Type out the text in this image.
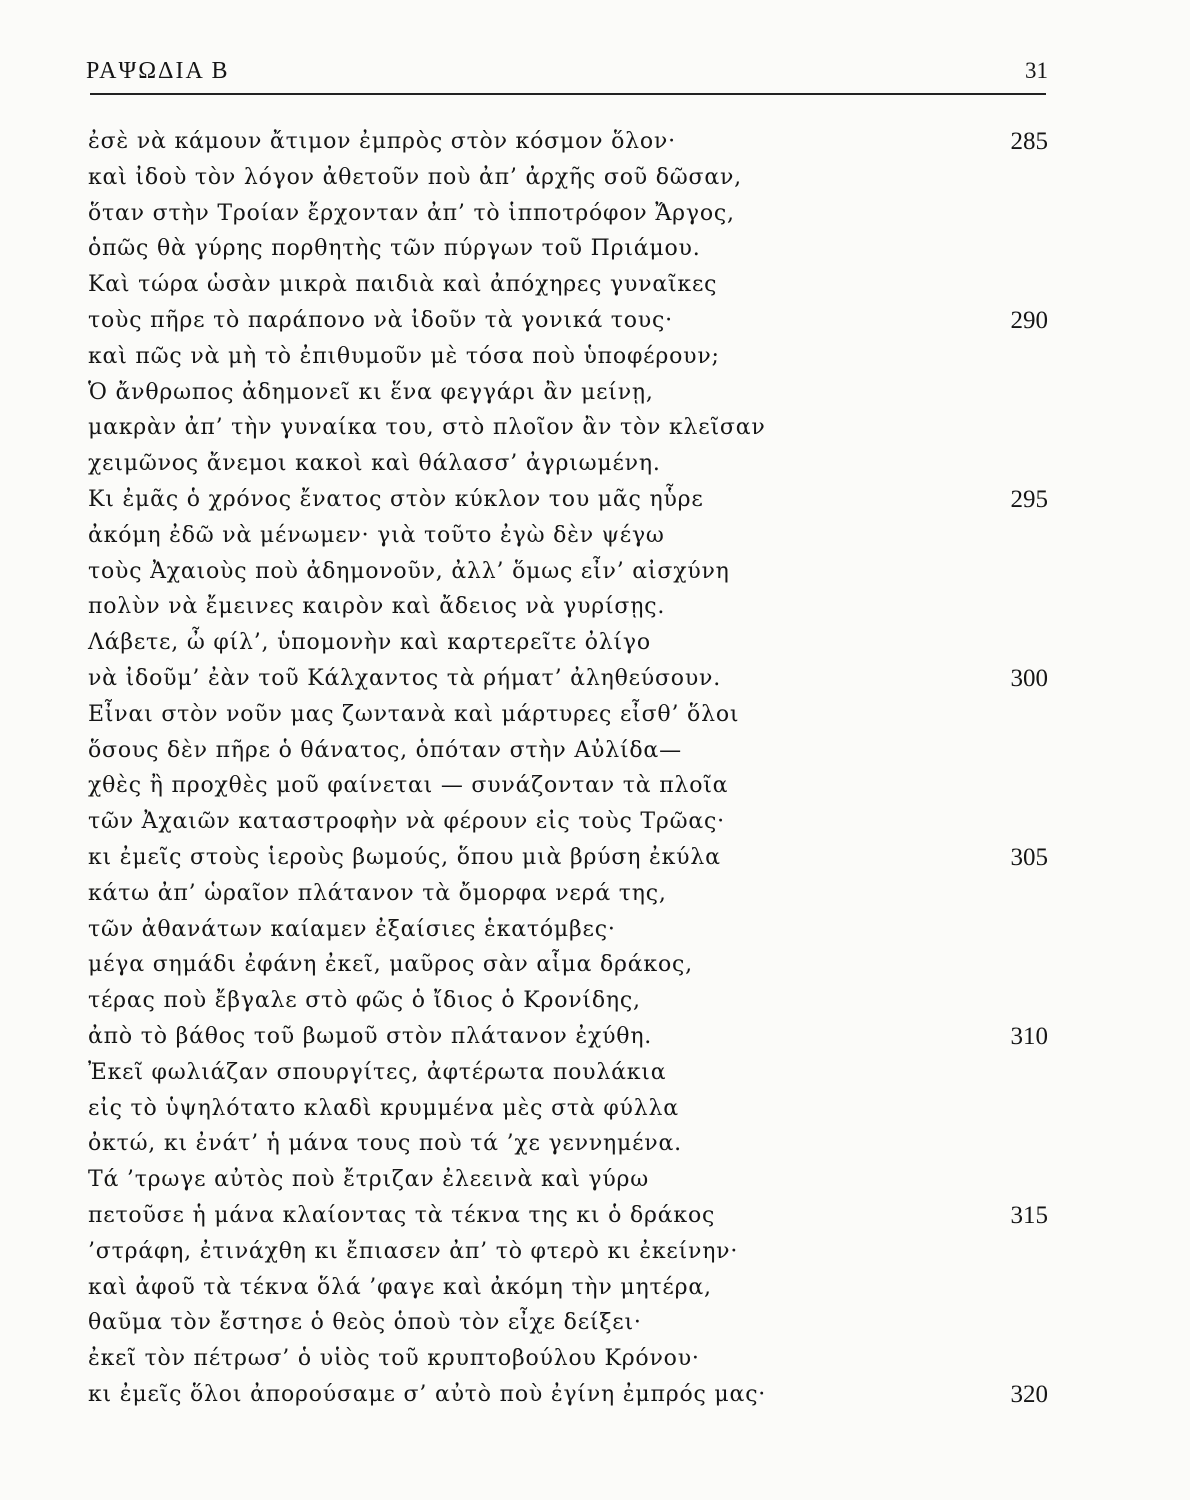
ΡΑΨΩΔΙΑ Β	31
ἐσὲ νὰ κάμουν ἄτιμον ἐμπρὸς στὸν κόσμον ὅλον·	285
καὶ ἰδοὺ τὸν λόγον ἀθετοῦν ποὺ ἀπ’ ἀρχῆς σοῦ δῶσαν,
ὅταν στὴν Τροίαν ἔρχονταν ἀπ’ τὸ ἱπποτρόφον Ἄργος,
ὁπῶς θὰ γύρης πορθητὴς τῶν πύργων τοῦ Πριάμου.
Καὶ τώρα ὡσὰν μικρὰ παιδιὰ καὶ ἀπόχηρες γυναῖκες
τοὺς πῆρε τὸ παράπονο νὰ ἰδοῦν τὰ γονικά τους·	290
καὶ πῶς νὰ μὴ τὸ ἐπιθυμοῦν μὲ τόσα ποὺ ὑποφέρουν;
Ὁ ἄνθρωπος ἀδημονεῖ κι ἕνα φεγγάρι ἂν μείνῃ,
μακρὰν ἀπ’ τὴν γυναίκα του, στὸ πλοῖον ἂν τὸν κλεῖσαν
χειμῶνος ἄνεμοι κακοὶ καὶ θάλασσ’ ἀγριωμένη.
Κι ἐμᾶς ὁ χρόνος ἔνατος στὸν κύκλον του μᾶς ηὗρε	295
ἀκόμη ἐδῶ νὰ μένωμεν· γιὰ τοῦτο ἐγὼ δὲν ψέγω
τοὺς Ἀχαιοὺς ποὺ ἀδημονοῦν, ἀλλ’ ὅμως εἶν’ αἰσχύνη
πολὺν νὰ ἔμεινες καιρὸν καὶ ἄδειος νὰ γυρίσῃς.
Λάβετε, ὦ φίλ’, ὑπομονὴν καὶ καρτερεῖτε ὀλίγο
νὰ ἰδοῦμ’ ἐὰν τοῦ Κάλχαντος τὰ ρήματ’ ἀληθεύσουν.	300
Εἶναι στὸν νοῦν μας ζωντανὰ καὶ μάρτυρες εἶσθ’ ὅλοι
ὅσους δὲν πῆρε ὁ θάνατος, ὁπόταν στὴν Αὐλίδα—
χθὲς ἢ προχθὲς μοῦ φαίνεται — συνάζονταν τὰ πλοῖα
τῶν Ἀχαιῶν καταστροφὴν νὰ φέρουν εἰς τοὺς Τρῶας·
κι ἐμεῖς στοὺς ἱεροὺς βωμούς, ὅπου μιὰ βρύση ἐκύλα	305
κάτω ἀπ’ ὡραῖον πλάτανον τὰ ὄμορφα νερά της,
τῶν ἀθανάτων καίαμεν ἐξαίσιες ἑκατόμβες·
μέγα σημάδι ἐφάνη ἐκεῖ, μαῦρος σὰν αἷμα δράκος,
τέρας ποὺ ἔβγαλε στὸ φῶς ὁ ἴδιος ὁ Κρονίδης,
ἀπὸ τὸ βάθος τοῦ βωμοῦ στὸν πλάτανον ἐχύθη.	310
Ἐκεῖ φωλιάζαν σπουργίτες, ἀφτέρωτα πουλάκια
εἰς τὸ ὑψηλότατο κλαδὶ κρυμμένα μὲς στὰ φύλλα
ὀκτώ, κι ἐνάτ’ ἡ μάνα τους ποὺ τά ’χε γεννημένα.
Τά ’τρωγε αὐτὸς ποὺ ἔτριζαν ἐλεεινὰ καὶ γύρω
πετοῦσε ἡ μάνα κλαίοντας τὰ τέκνα της κι ὁ δράκος	315
’στράφη, ἐτινάχθη κι ἔπιασεν ἀπ’ τὸ φτερὸ κι ἐκείνην·
καὶ ἀφοῦ τὰ τέκνα ὅλά ’φαγε καὶ ἀκόμη τὴν μητέρα,
θαῦμα τὸν ἔστησε ὁ θεὸς ὁποὺ τὸν εἶχε δείξει·
ἐκεῖ τὸν πέτρωσ’ ὁ υἱὸς τοῦ κρυπτοβούλου Κρόνου·
κι ἐμεῖς ὅλοι ἀπορούσαμε σ’ αὐτὸ ποὺ ἐγίνη ἐμπρός μας·	320
